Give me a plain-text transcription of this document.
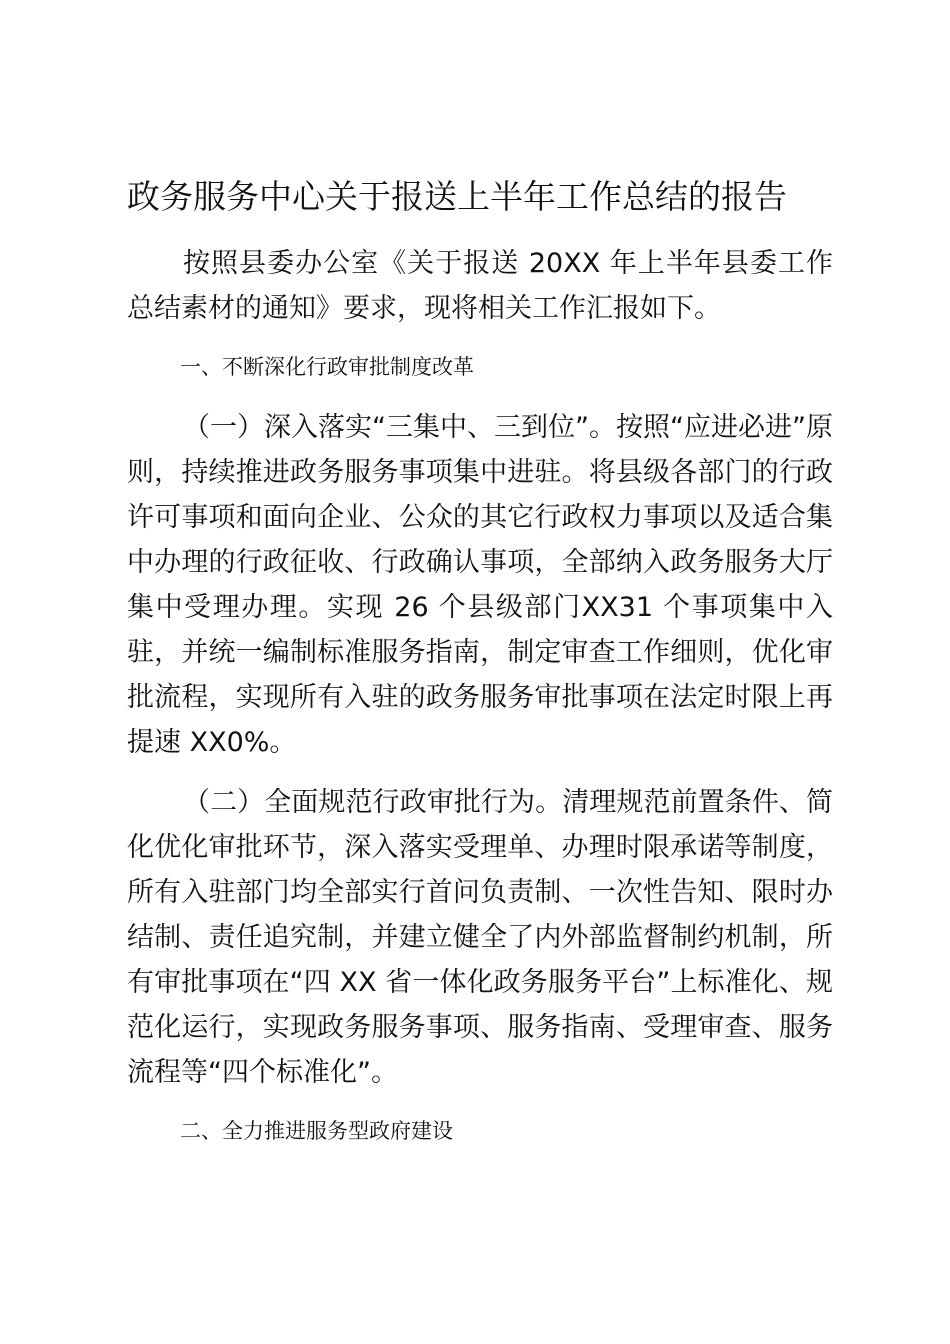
政务服务中心关于报送上半年工作总结的报告

按照县委办公室《关于报送 20XX 年上半年县委工作总结素材的通知》要求，现将相关工作汇报如下。

一、不断深化行政审批制度改革

（一）深入落实“三集中、三到位”。按照“应进必进”原则，持续推进政务服务事项集中进驻。将县级各部门的行政许可事项和面向企业、公众的其它行政权力事项以及适合集中办理的行政征收、行政确认事项，全部纳入政务服务大厅集中受理办理。实现 26 个县级部门XX31 个事项集中入驻，并统一编制标准服务指南，制定审查工作细则，优化审批流程，实现所有入驻的政务服务审批事项在法定时限上再提速 XX0%。

（二）全面规范行政审批行为。清理规范前置条件、简化优化审批环节，深入落实受理单、办理时限承诺等制度，所有入驻部门均全部实行首问负责制、一次性告知、限时办结制、责任追究制，并建立健全了内外部监督制约机制，所有审批事项在“四 XX 省一体化政务服务平台”上标准化、规范化运行，实现政务服务事项、服务指南、受理审查、服务流程等“四个标准化”。

二、全力推进服务型政府建设
